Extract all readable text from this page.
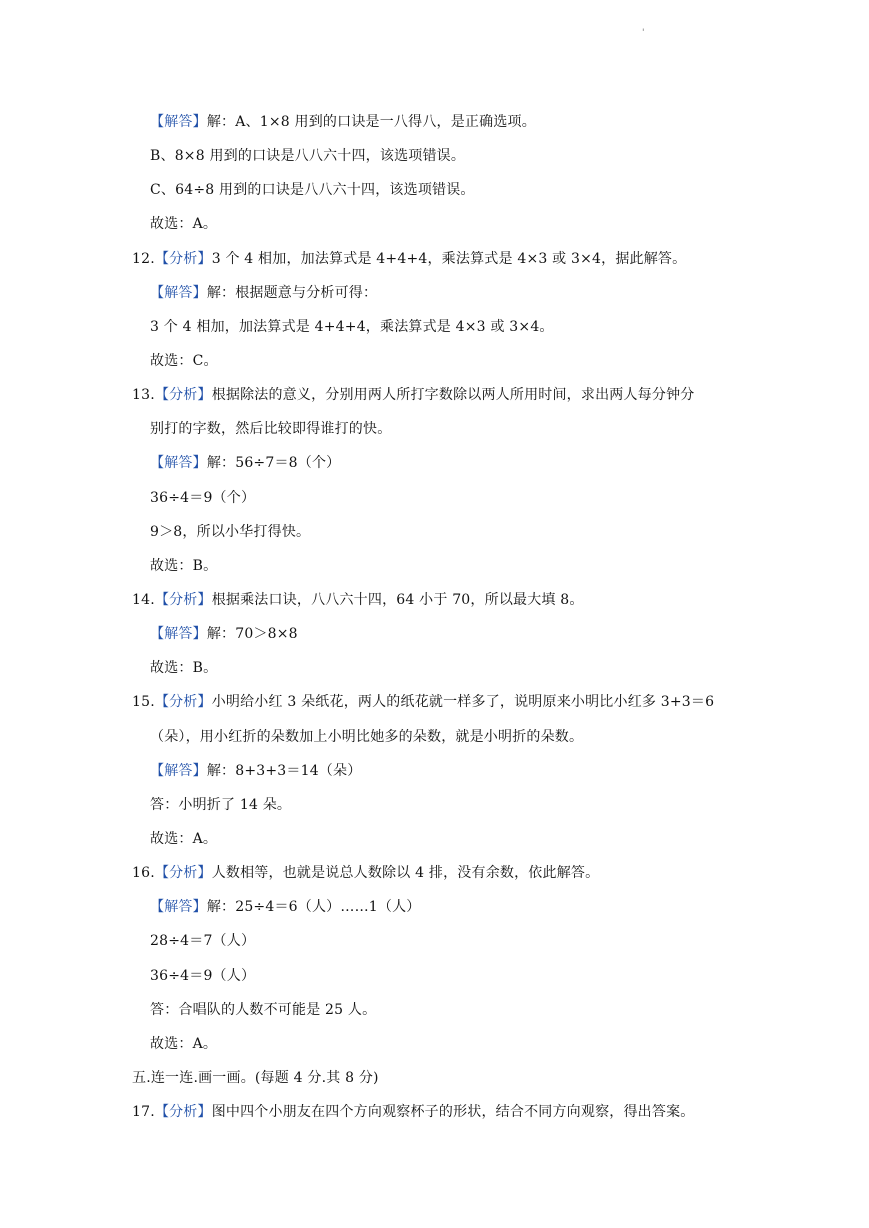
'
【解答】解：A、1×8 用到的口诀是一八得八，是正确选项。
B、8×8 用到的口诀是八八六十四，该选项错误。
C、64÷8 用到的口诀是八八六十四，该选项错误。
故选：A。
12.【分析】3 个 4 相加，加法算式是 4+4+4，乘法算式是 4×3 或 3×4，据此解答。
【解答】解：根据题意与分析可得：
3 个 4 相加，加法算式是 4+4+4，乘法算式是 4×3 或 3×4。
故选：C。
13.【分析】根据除法的意义，分别用两人所打字数除以两人所用时间，求出两人每分钟分
别打的字数，然后比较即得谁打的快。
【解答】解：56÷7＝8（个）
36÷4＝9（个）
9＞8，所以小华打得快。
故选：B。
14.【分析】根据乘法口诀，八八六十四，64 小于 70，所以最大填 8。
【解答】解：70＞8×8
故选：B。
15.【分析】小明给小红 3 朵纸花，两人的纸花就一样多了，说明原来小明比小红多 3+3＝6
（朵），用小红折的朵数加上小明比她多的朵数，就是小明折的朵数。
【解答】解：8+3+3＝14（朵）
答：小明折了 14 朵。
故选：A。
16.【分析】人数相等，也就是说总人数除以 4 排，没有余数，依此解答。
【解答】解：25÷4＝6（人）……1（人）
28÷4＝7（人）
36÷4＝9（人）
答：合唱队的人数不可能是 25 人。
故选：A。
五.连一连.画一画。(每题 4 分.其 8 分)
17.【分析】图中四个小朋友在四个方向观察杯子的形状，结合不同方向观察，得出答案。
